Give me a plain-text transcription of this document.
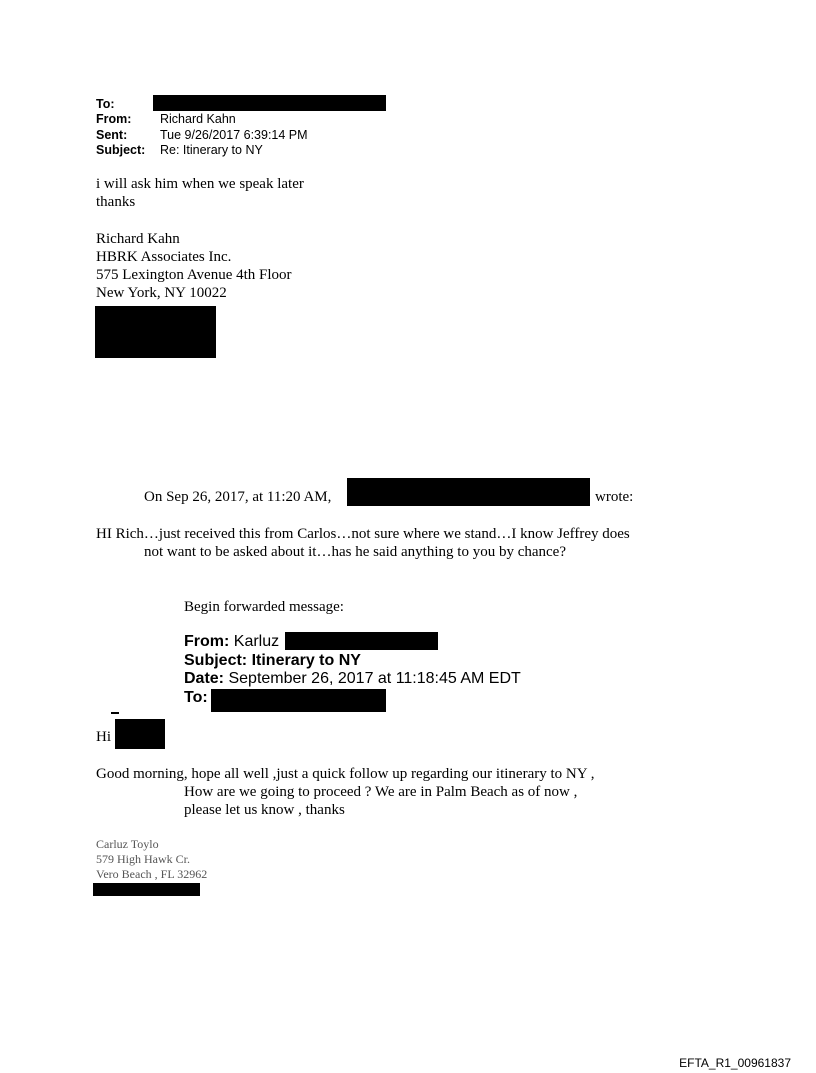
To:
From: Richard Kahn
Sent:	Tue 9/26/2017 6:39:14 PM
Subject: Re: Itinerary to NY
i will ask him when we speak later
thanks
Richard Kahn
HBRK Associates Inc.
575 Lexington Avenue 4th Floor
New York, NY 10022
On Sep 26, 2017, at 11:20 AM,	wrote:
HI Rich…just received this from Carlos…not sure where we stand…I know Jeffrey does
not want to be asked about it…has he said anything to you by chance?
Begin forwarded message:
From: Karluz
Subject: Itinerary to NY
Date: September 26, 2017 at 11:18:45 AM EDT
To:
Hi
Good morning, hope all well ,just a quick follow up regarding our itinerary to NY ,
How are we going to proceed ? We are in Palm Beach as of now ,
please let us know , thanks
Carluz Toylo
579 High Hawk Cr.
Vero Beach , FL 32962
EFTA_R1_00961837
